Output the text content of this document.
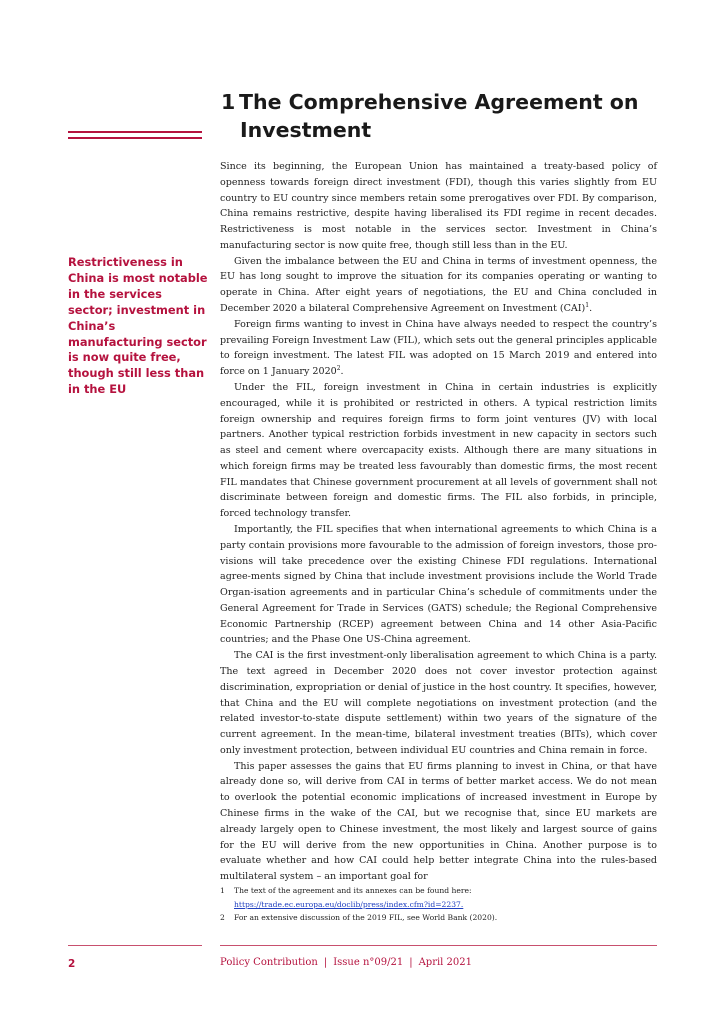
1 The Comprehensive Agreement on
Investment

Restrictiveness in China is most notable in the services sector; investment in China’s manufacturing sector is now quite free, though still less than in the EU

Since its beginning, the European Union has maintained a treaty-based policy of openness towards foreign direct investment (FDI), though this varies slightly from EU country to EU country since members retain some prerogatives over FDI. By comparison, China remains restrictive, despite having liberalised its FDI regime in recent decades. Restrictiveness is most notable in the services sector. Investment in China’s manufacturing sector is now quite free, though still less than in the EU.

Given the imbalance between the EU and China in terms of investment openness, the EU has long sought to improve the situation for its companies operating or wanting to operate in China. After eight years of negotiations, the EU and China concluded in December 2020 a bilateral Comprehensive Agreement on Investment (CAI)$^1$.

Foreign firms wanting to invest in China have always needed to respect the country’s prevailing Foreign Investment Law (FIL), which sets out the general principles applicable to foreign investment. The latest FIL was adopted on 15 March 2019 and entered into force on 1 January 2020$^2$.

Under the FIL, foreign investment in China in certain industries is explicitly encouraged, while it is prohibited or restricted in others. A typical restriction limits foreign ownership and requires foreign firms to form joint ventures (JV) with local partners. Another typical restriction forbids investment in new capacity in sectors such as steel and cement where overcapacity exists. Although there are many situations in which foreign firms may be treated less favourably than domestic firms, the most recent FIL mandates that Chinese government procurement at all levels of government shall not discriminate between foreign and domestic firms. The FIL also forbids, in principle, forced technology transfer.

Importantly, the FIL specifies that when international agreements to which China is a party contain provisions more favourable to the admission of foreign investors, those pro-visions will take precedence over the existing Chinese FDI regulations. International agree-ments signed by China that include investment provisions include the World Trade Organ-isation agreements and in particular China’s schedule of commitments under the General Agreement for Trade in Services (GATS) schedule; the Regional Comprehensive Economic Partnership (RCEP) agreement between China and 14 other Asia-Pacific countries; and the Phase One US-China agreement.

The CAI is the first investment-only liberalisation agreement to which China is a party. The text agreed in December 2020 does not cover investor protection against discrimination, expropriation or denial of justice in the host country. It specifies, however, that China and the EU will complete negotiations on investment protection (and the related investor-to-state dispute settlement) within two years of the signature of the current agreement. In the mean-time, bilateral investment treaties (BITs), which cover only investment protection, between individual EU countries and China remain in force.

This paper assesses the gains that EU firms planning to invest in China, or that have already done so, will derive from CAI in terms of better market access. We do not mean to overlook the potential economic implications of increased investment in Europe by Chinese firms in the wake of the CAI, but we recognise that, since EU markets are already largely open to Chinese investment, the most likely and largest source of gains for the EU will derive from the new opportunities in China. Another purpose is to evaluate whether and how CAI could help better integrate China into the rules-based multilateral system – an important goal for

1 The text of the agreement and its annexes can be found here: https://trade.ec.europa.eu/doclib/press/index.cfm?id=2237.
2 For an extensive discussion of the 2019 FIL, see World Bank (2020).
2	Policy Contribution | Issue n°09/21 | April 2021
